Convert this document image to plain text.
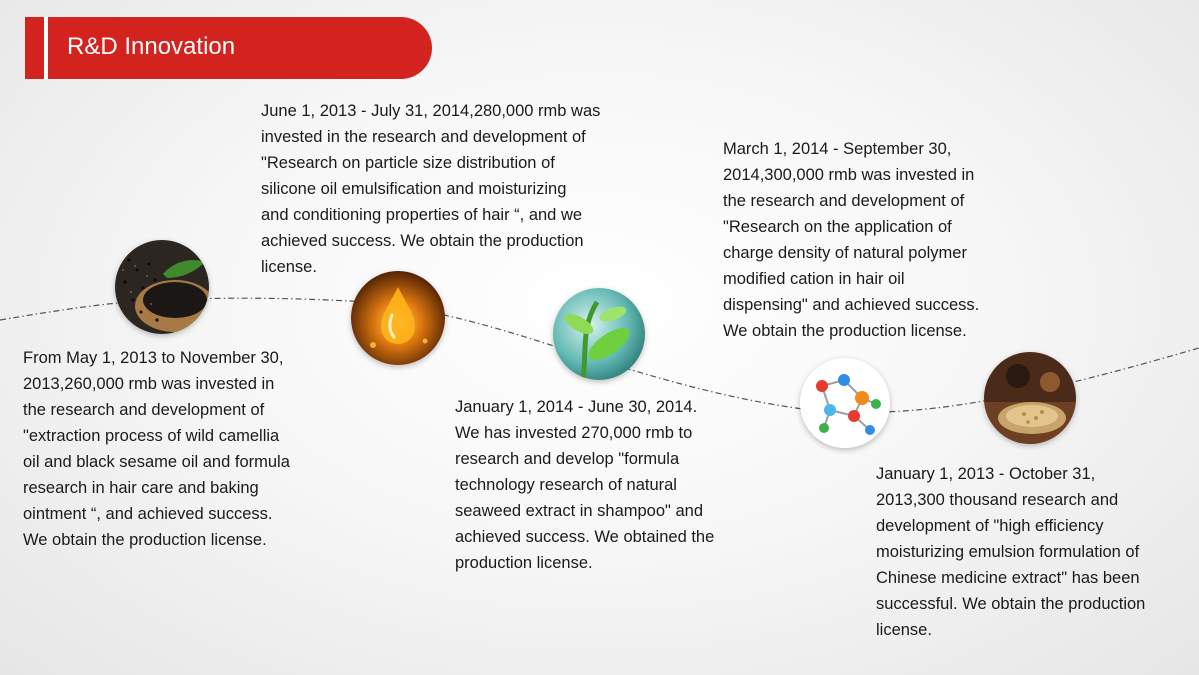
R&D Innovation
From May 1, 2013 to November 30,
2013,260,000 rmb was invested in
the research and development of
"extraction process of wild camellia
oil and black sesame oil and formula
research in hair care and baking
ointment “, and achieved success.
We obtain the production license.
June 1, 2013 - July 31, 2014,280,000 rmb was
invested in the research and development of
"Research on particle size distribution of
silicone oil emulsification and moisturizing
and conditioning properties of hair “, and we
achieved success. We obtain the production
license.
January 1, 2014 - June 30, 2014.
We has invested 270,000 rmb to
research and develop "formula
technology research of natural
seaweed extract in shampoo" and
achieved success. We obtained the
production license.
March 1, 2014 - September 30,
2014,300,000 rmb was invested in
the research and development of
"Research on the application of
charge density of natural polymer
modified cation in hair oil
dispensing" and achieved success.
We obtain the production license.
January 1, 2013 - October 31,
2013,300 thousand research and
development of "high efficiency
moisturizing emulsion formulation of
Chinese medicine extract" has been
successful. We obtain the production
license.
